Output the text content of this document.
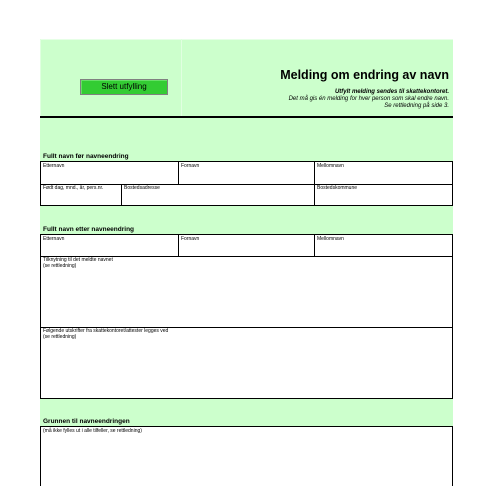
Slett utfylling
Melding om endring av navn
Utfylt melding sendes til skattekontoret.
Det må gis én melding for hver person som skal endre navn.
Se rettledning på side 3.
Fullt navn før navneendring
Etternavn	Fornavn	Mellomnavn
Født dag, mnd., år, pers.nr.	Bostedsadresse	Bostedskommune
Fullt navn etter navneendring
Etternavn	Fornavn	Mellomnavn
Tilknytning til det meldte navnet
(se rettledning)
Følgende utskrifter fra skattekontoret/attester legges ved
(se rettledning)
Grunnen til navneendringen
(må ikke fylles ut i alle tilfeller, se rettledning)
